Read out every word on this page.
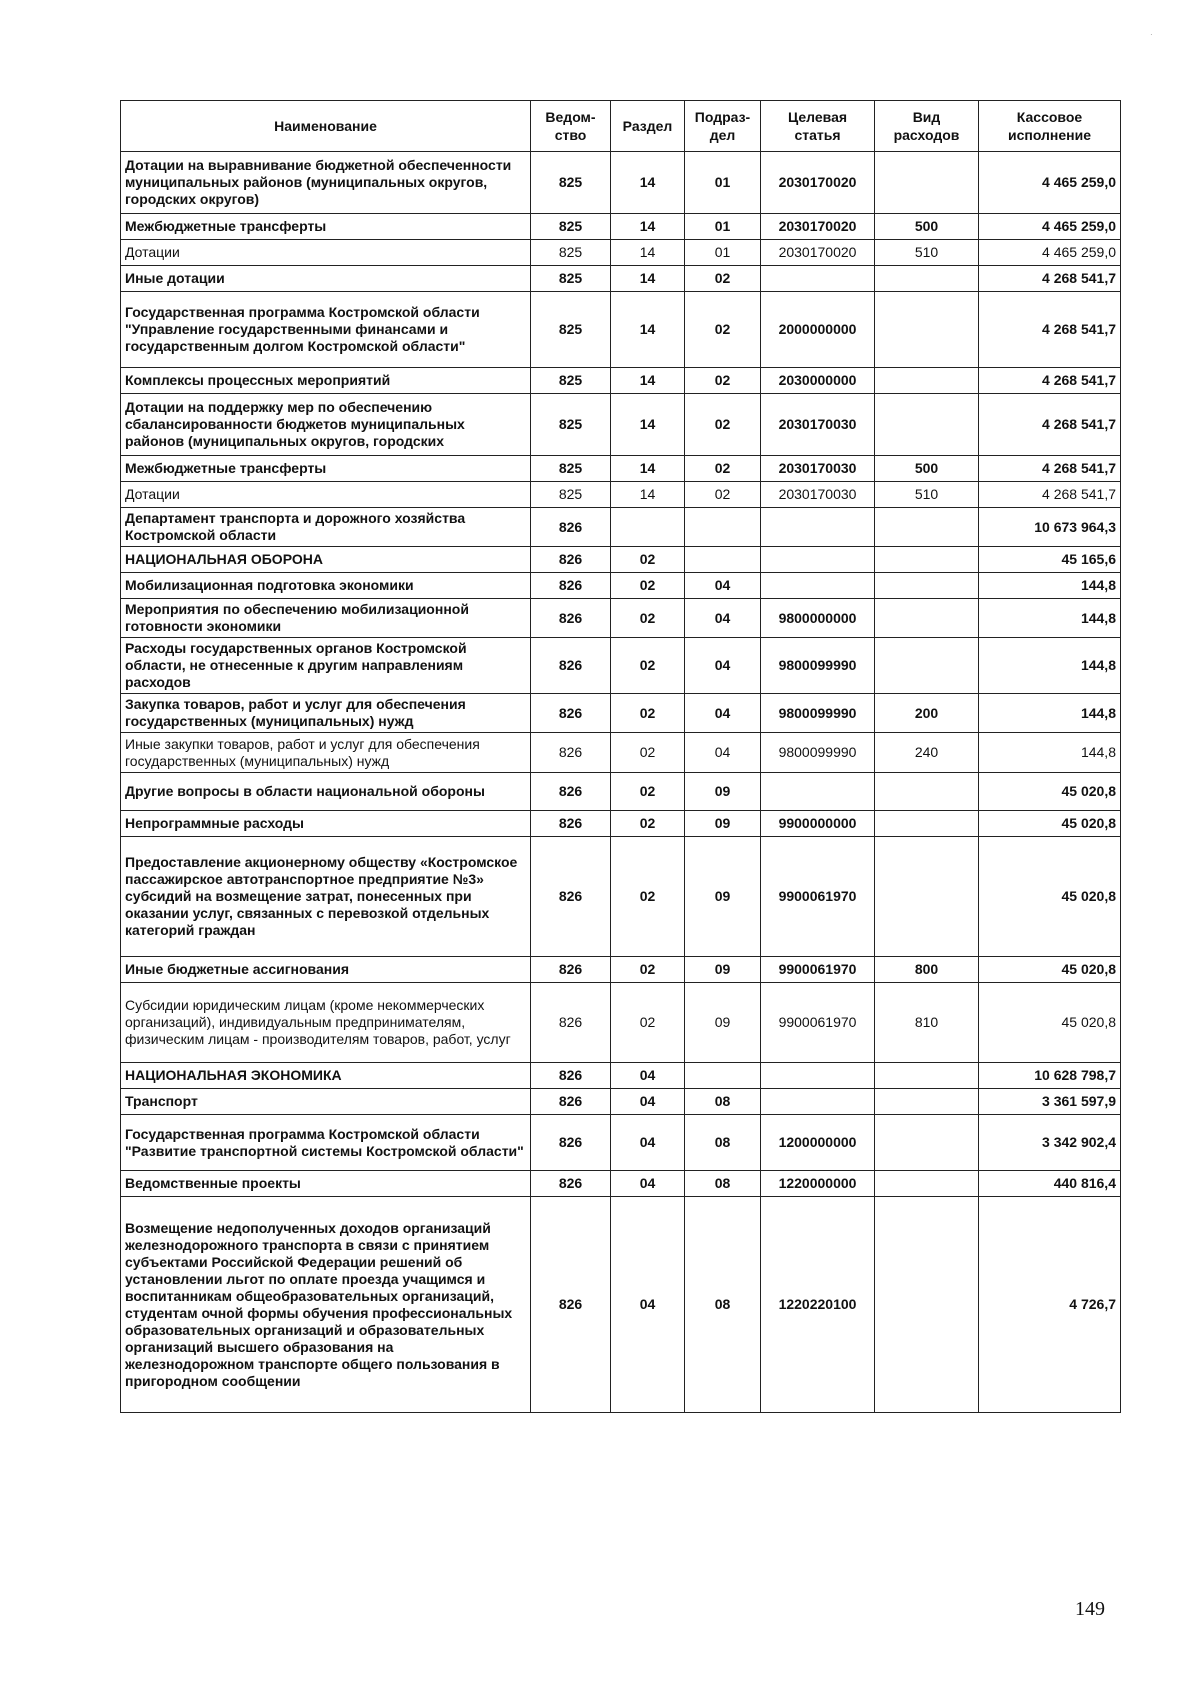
Наименование	Ведом-ство	Раздел	Подраз-дел	Целевая статья	Вид расходов	Кассовое исполнение
Дотации на выравнивание бюджетной обеспеченности муниципальных районов (муниципальных округов, городских округов)	825	14	01	2030170020		4 465 259,0
Межбюджетные трансферты	825	14	01	2030170020	500	4 465 259,0
Дотации	825	14	01	2030170020	510	4 465 259,0
Иные дотации	825	14	02			4 268 541,7
Государственная программа Костромской области "Управление государственными финансами и государственным долгом Костромской области"	825	14	02	2000000000		4 268 541,7
Комплексы процессных мероприятий	825	14	02	2030000000		4 268 541,7
Дотации на поддержку мер по обеспечению сбалансированности бюджетов муниципальных районов (муниципальных округов, городских	825	14	02	2030170030		4 268 541,7
Межбюджетные трансферты	825	14	02	2030170030	500	4 268 541,7
Дотации	825	14	02	2030170030	510	4 268 541,7
Департамент транспорта и дорожного хозяйства Костромской области	826					10 673 964,3
НАЦИОНАЛЬНАЯ ОБОРОНА	826	02				45 165,6
Мобилизационная подготовка экономики	826	02	04			144,8
Мероприятия по обеспечению мобилизационной готовности экономики	826	02	04	9800000000		144,8
Расходы государственных органов Костромской области, не отнесенные к другим направлениям расходов	826	02	04	9800099990		144,8
Закупка товаров, работ и услуг для обеспечения государственных (муниципальных) нужд	826	02	04	9800099990	200	144,8
Иные закупки товаров, работ и услуг для обеспечения государственных (муниципальных) нужд	826	02	04	9800099990	240	144,8
Другие вопросы в области национальной обороны	826	02	09			45 020,8
Непрограммные расходы	826	02	09	9900000000		45 020,8
Предоставление акционерному обществу «Костромское пассажирское автотранспортное предприятие №3» субсидий на возмещение затрат, понесенных при оказании услуг, связанных с перевозкой отдельных категорий граждан	826	02	09	9900061970		45 020,8
Иные бюджетные ассигнования	826	02	09	9900061970	800	45 020,8
Субсидии юридическим лицам (кроме некоммерческих организаций), индивидуальным предпринимателям, физическим лицам - производителям товаров, работ, услуг	826	02	09	9900061970	810	45 020,8
НАЦИОНАЛЬНАЯ ЭКОНОМИКА	826	04				10 628 798,7
Транспорт	826	04	08			3 361 597,9
Государственная программа Костромской области "Развитие транспортной системы Костромской области"	826	04	08	1200000000		3 342 902,4
Ведомственные проекты	826	04	08	1220000000		440 816,4
Возмещение недополученных доходов организаций железнодорожного транспорта в связи с принятием субъектами Российской Федерации решений об установлении льгот по оплате проезда учащимся и воспитанникам общеобразовательных организаций, студентам очной формы обучения профессиональных образовательных организаций и образовательных организаций высшего образования на железнодорожном транспорте общего пользования в пригородном сообщении	826	04	08	1220220100		4 726,7
149
·
